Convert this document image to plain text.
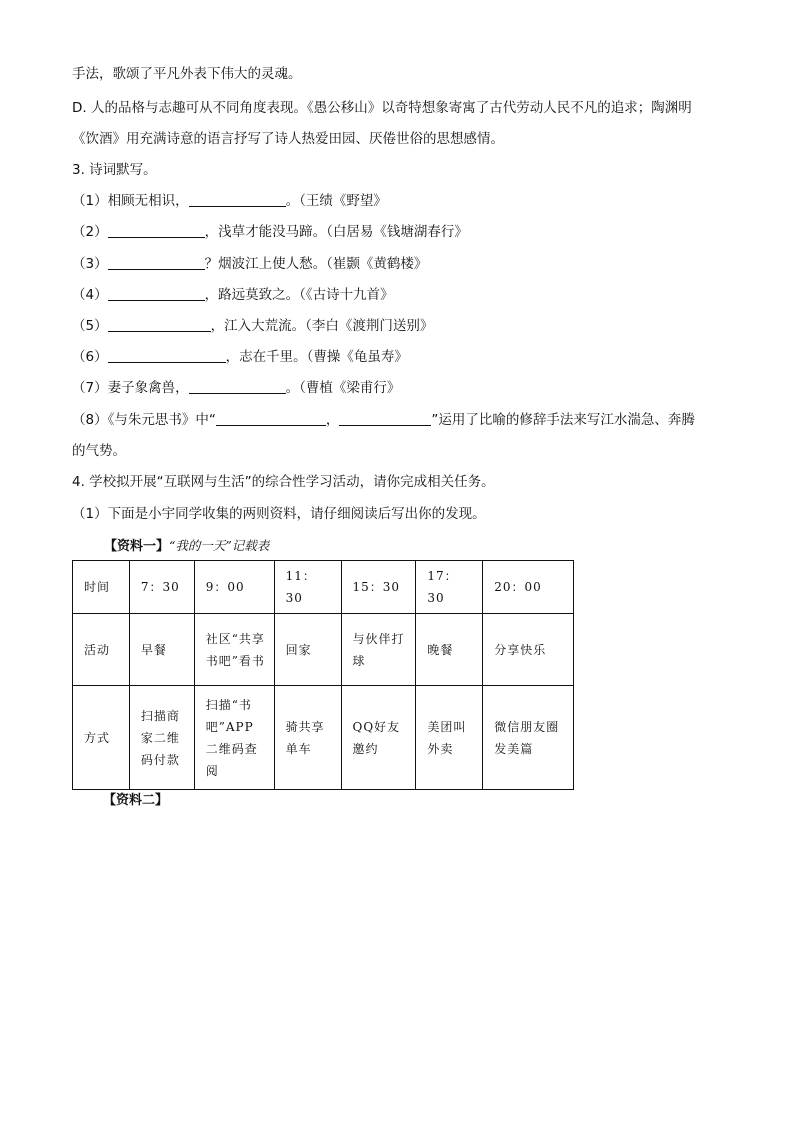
手法，歌颂了平凡外表下伟大的灵魂。
D. 人的品格与志趣可从不同角度表现。《愚公移山》以奇特想象寄寓了古代劳动人民不凡的追求；陶渊明
《饮酒》用充满诗意的语言抒写了诗人热爱田园、厌倦世俗的思想感情。
3. 诗词默写。
（1）相顾无相识，	。（王绩《野望》
（2）	，浅草才能没马蹄。（白居易《钱塘湖春行》
（3）	？烟波江上使人愁。（崔颢《黄鹤楼》
（4）	，路远莫致之。（《古诗十九首》
（5）	，江入大荒流。（李白《渡荆门送别》
（6）	，志在千里。（曹操《龟虽寿》
（7）妻子象禽兽，	。（曹植《梁甫行》
（8）《与朱元思书》中“	，	”运用了比喻的修辞手法来写江水湍急、奔腾
的气势。
4. 学校拟开展“互联网与生活”的综合性学习活动，请你完成相关任务。
（1）下面是小宇同学收集的两则资料，请仔细阅读后写出你的发现。
【资料一】“我的一天”记载表
时间	7：30	9：00	11：30	15：30	17：30	20：00
活动	早餐	社区“共享书吧”看书	回家	与伙伴打球	晚餐	分享快乐
方式	扫描商家二维码付款	扫描“书吧”APP二维码查阅	骑共享单车	QQ好友邀约	美团叫外卖	微信朋友圈发美篇
【资料二】
